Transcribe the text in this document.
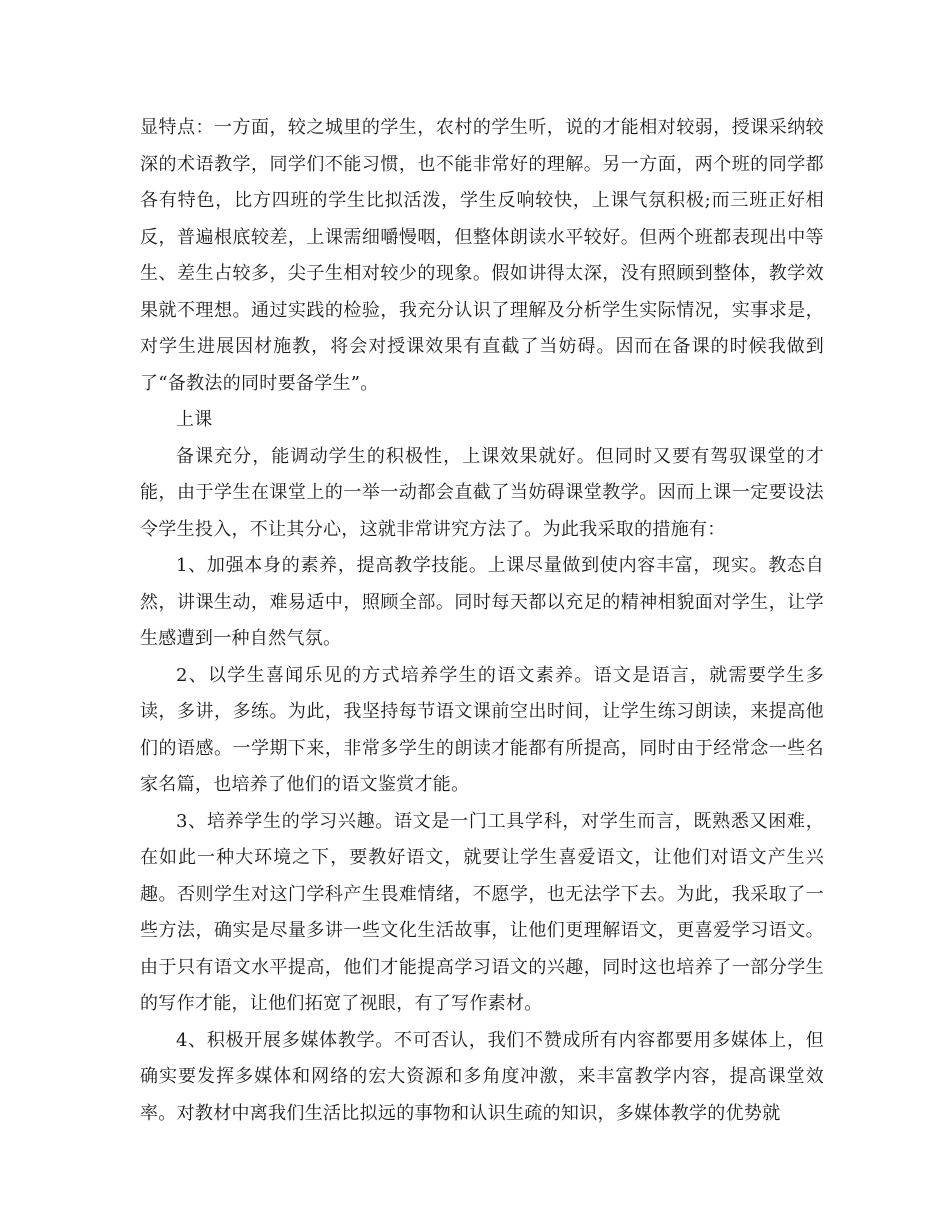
显特点：一方面，较之城里的学生，农村的学生听，说的才能相对较弱，授课采纳较深的术语教学，同学们不能习惯，也不能非常好的理解。另一方面，两个班的同学都各有特色，比方四班的学生比拟活泼，学生反响较快，上课气氛积极;而三班正好相反，普遍根底较差，上课需细嚼慢咽，但整体朗读水平较好。但两个班都表现出中等生、差生占较多，尖子生相对较少的现象。假如讲得太深，没有照顾到整体，教学效果就不理想。通过实践的检验，我充分认识了理解及分析学生实际情况，实事求是，对学生进展因材施教，将会对授课效果有直截了当妨碍。因而在备课的时候我做到了“备教法的同时要备学生”。

上课

备课充分，能调动学生的积极性，上课效果就好。但同时又要有驾驭课堂的才能，由于学生在课堂上的一举一动都会直截了当妨碍课堂教学。因而上课一定要设法令学生投入，不让其分心，这就非常讲究方法了。为此我采取的措施有：

1、加强本身的素养，提高教学技能。上课尽量做到使内容丰富，现实。教态自然，讲课生动，难易适中，照顾全部。同时每天都以充足的精神相貌面对学生，让学生感遭到一种自然气氛。

2、以学生喜闻乐见的方式培养学生的语文素养。语文是语言，就需要学生多读，多讲，多练。为此，我坚持每节语文课前空出时间，让学生练习朗读，来提高他们的语感。一学期下来，非常多学生的朗读才能都有所提高，同时由于经常念一些名家名篇，也培养了他们的语文鉴赏才能。

3、培养学生的学习兴趣。语文是一门工具学科，对学生而言，既熟悉又困难，在如此一种大环境之下，要教好语文，就要让学生喜爱语文，让他们对语文产生兴趣。否则学生对这门学科产生畏难情绪，不愿学，也无法学下去。为此，我采取了一些方法，确实是尽量多讲一些文化生活故事，让他们更理解语文，更喜爱学习语文。由于只有语文水平提高，他们才能提高学习语文的兴趣，同时这也培养了一部分学生的写作才能，让他们拓宽了视眼，有了写作素材。

4、积极开展多媒体教学。不可否认，我们不赞成所有内容都要用多媒体上，但确实要发挥多媒体和网络的宏大资源和多角度冲激，来丰富教学内容，提高课堂效率。对教材中离我们生活比拟远的事物和认识生疏的知识，多媒体教学的优势就
